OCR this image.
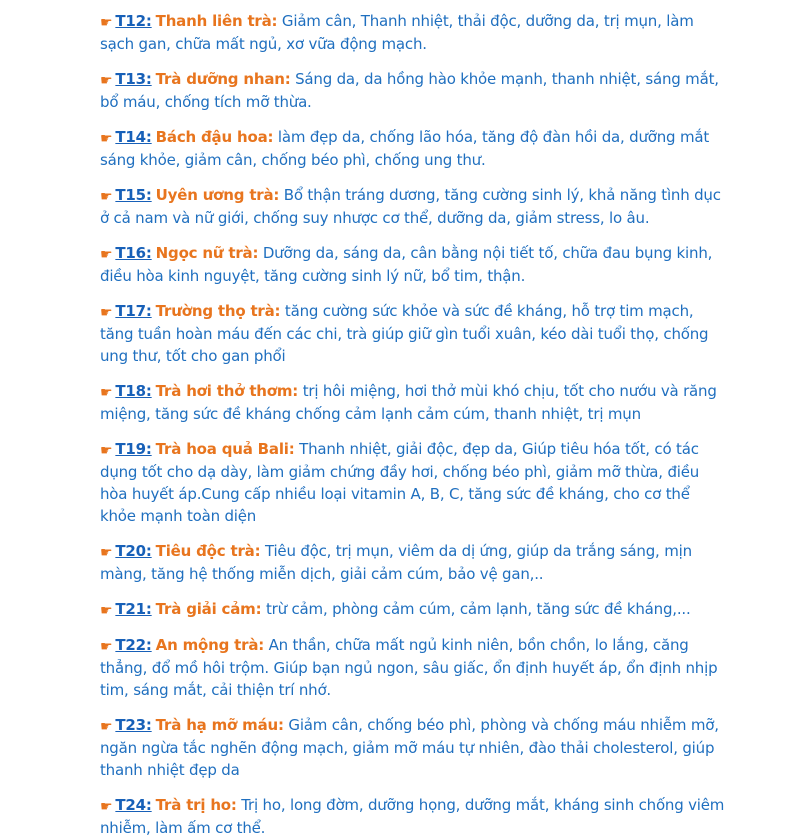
☛ T12: Thanh liên trà: Giảm cân, Thanh nhiệt, thải độc, dưỡng da, trị mụn, làm sạch gan, chữa mất ngủ, xơ vữa động mạch.

☛ T13: Trà dưỡng nhan: Sáng da, da hồng hào khỏe mạnh, thanh nhiệt, sáng mắt, bổ máu, chống tích mỡ thừa.

☛ T14: Bách đậu hoa: làm đẹp da, chống lão hóa, tăng độ đàn hồi da, dưỡng mắt sáng khỏe, giảm cân, chống béo phì, chống ung thư.

☛ T15: Uyên ương trà: Bổ thận tráng dương, tăng cường sinh lý, khả năng tình dục ở cả nam và nữ giới, chống suy nhược cơ thể, dưỡng da, giảm stress, lo âu.

☛ T16: Ngọc nữ trà: Dưỡng da, sáng da, cân bằng nội tiết tố, chữa đau bụng kinh, điều hòa kinh nguyệt, tăng cường sinh lý nữ, bổ tim, thận.

☛ T17: Trường thọ trà: tăng cường sức khỏe và sức đề kháng, hỗ trợ tim mạch, tăng tuần hoàn máu đến các chi, trà giúp giữ gìn tuổi xuân, kéo dài tuổi thọ, chống ung thư, tốt cho gan phổi

☛ T18: Trà hơi thở thơm: trị hôi miệng, hơi thở mùi khó chịu, tốt cho nướu và răng miệng, tăng sức đề kháng chống cảm lạnh cảm cúm, thanh nhiệt, trị mụn

☛ T19: Trà hoa quả Bali: Thanh nhiệt, giải độc, đẹp da, Giúp tiêu hóa tốt, có tác dụng tốt cho dạ dày, làm giảm chứng đầy hơi, chống béo phì, giảm mỡ thừa, điều hòa huyết áp.Cung cấp nhiều loại vitamin A, B, C, tăng sức đề kháng, cho cơ thể khỏe mạnh toàn diện

☛ T20: Tiêu độc trà: Tiêu độc, trị mụn, viêm da dị ứng, giúp da trắng sáng, mịn màng, tăng hệ thống miễn dịch, giải cảm cúm, bảo vệ gan,..

☛ T21: Trà giải cảm: trừ cảm, phòng cảm cúm, cảm lạnh, tăng sức đề kháng,...

☛ T22: An mộng trà: An thần, chữa mất ngủ kinh niên, bồn chồn, lo lắng, căng thẳng, đổ mồ hôi trộm. Giúp bạn ngủ ngon, sâu giấc, ổn định huyết áp, ổn định nhịp tim, sáng mắt, cải thiện trí nhớ.

☛ T23: Trà hạ mỡ máu: Giảm cân, chống béo phì, phòng và chống máu nhiễm mỡ, ngăn ngừa tắc nghẽn động mạch, giảm mỡ máu tự nhiên, đào thải cholesterol, giúp thanh nhiệt đẹp da

☛ T24: Trà trị ho: Trị ho, long đờm, dưỡng họng, dưỡng mắt, kháng sinh chống viêm nhiễm, làm ấm cơ thể.
